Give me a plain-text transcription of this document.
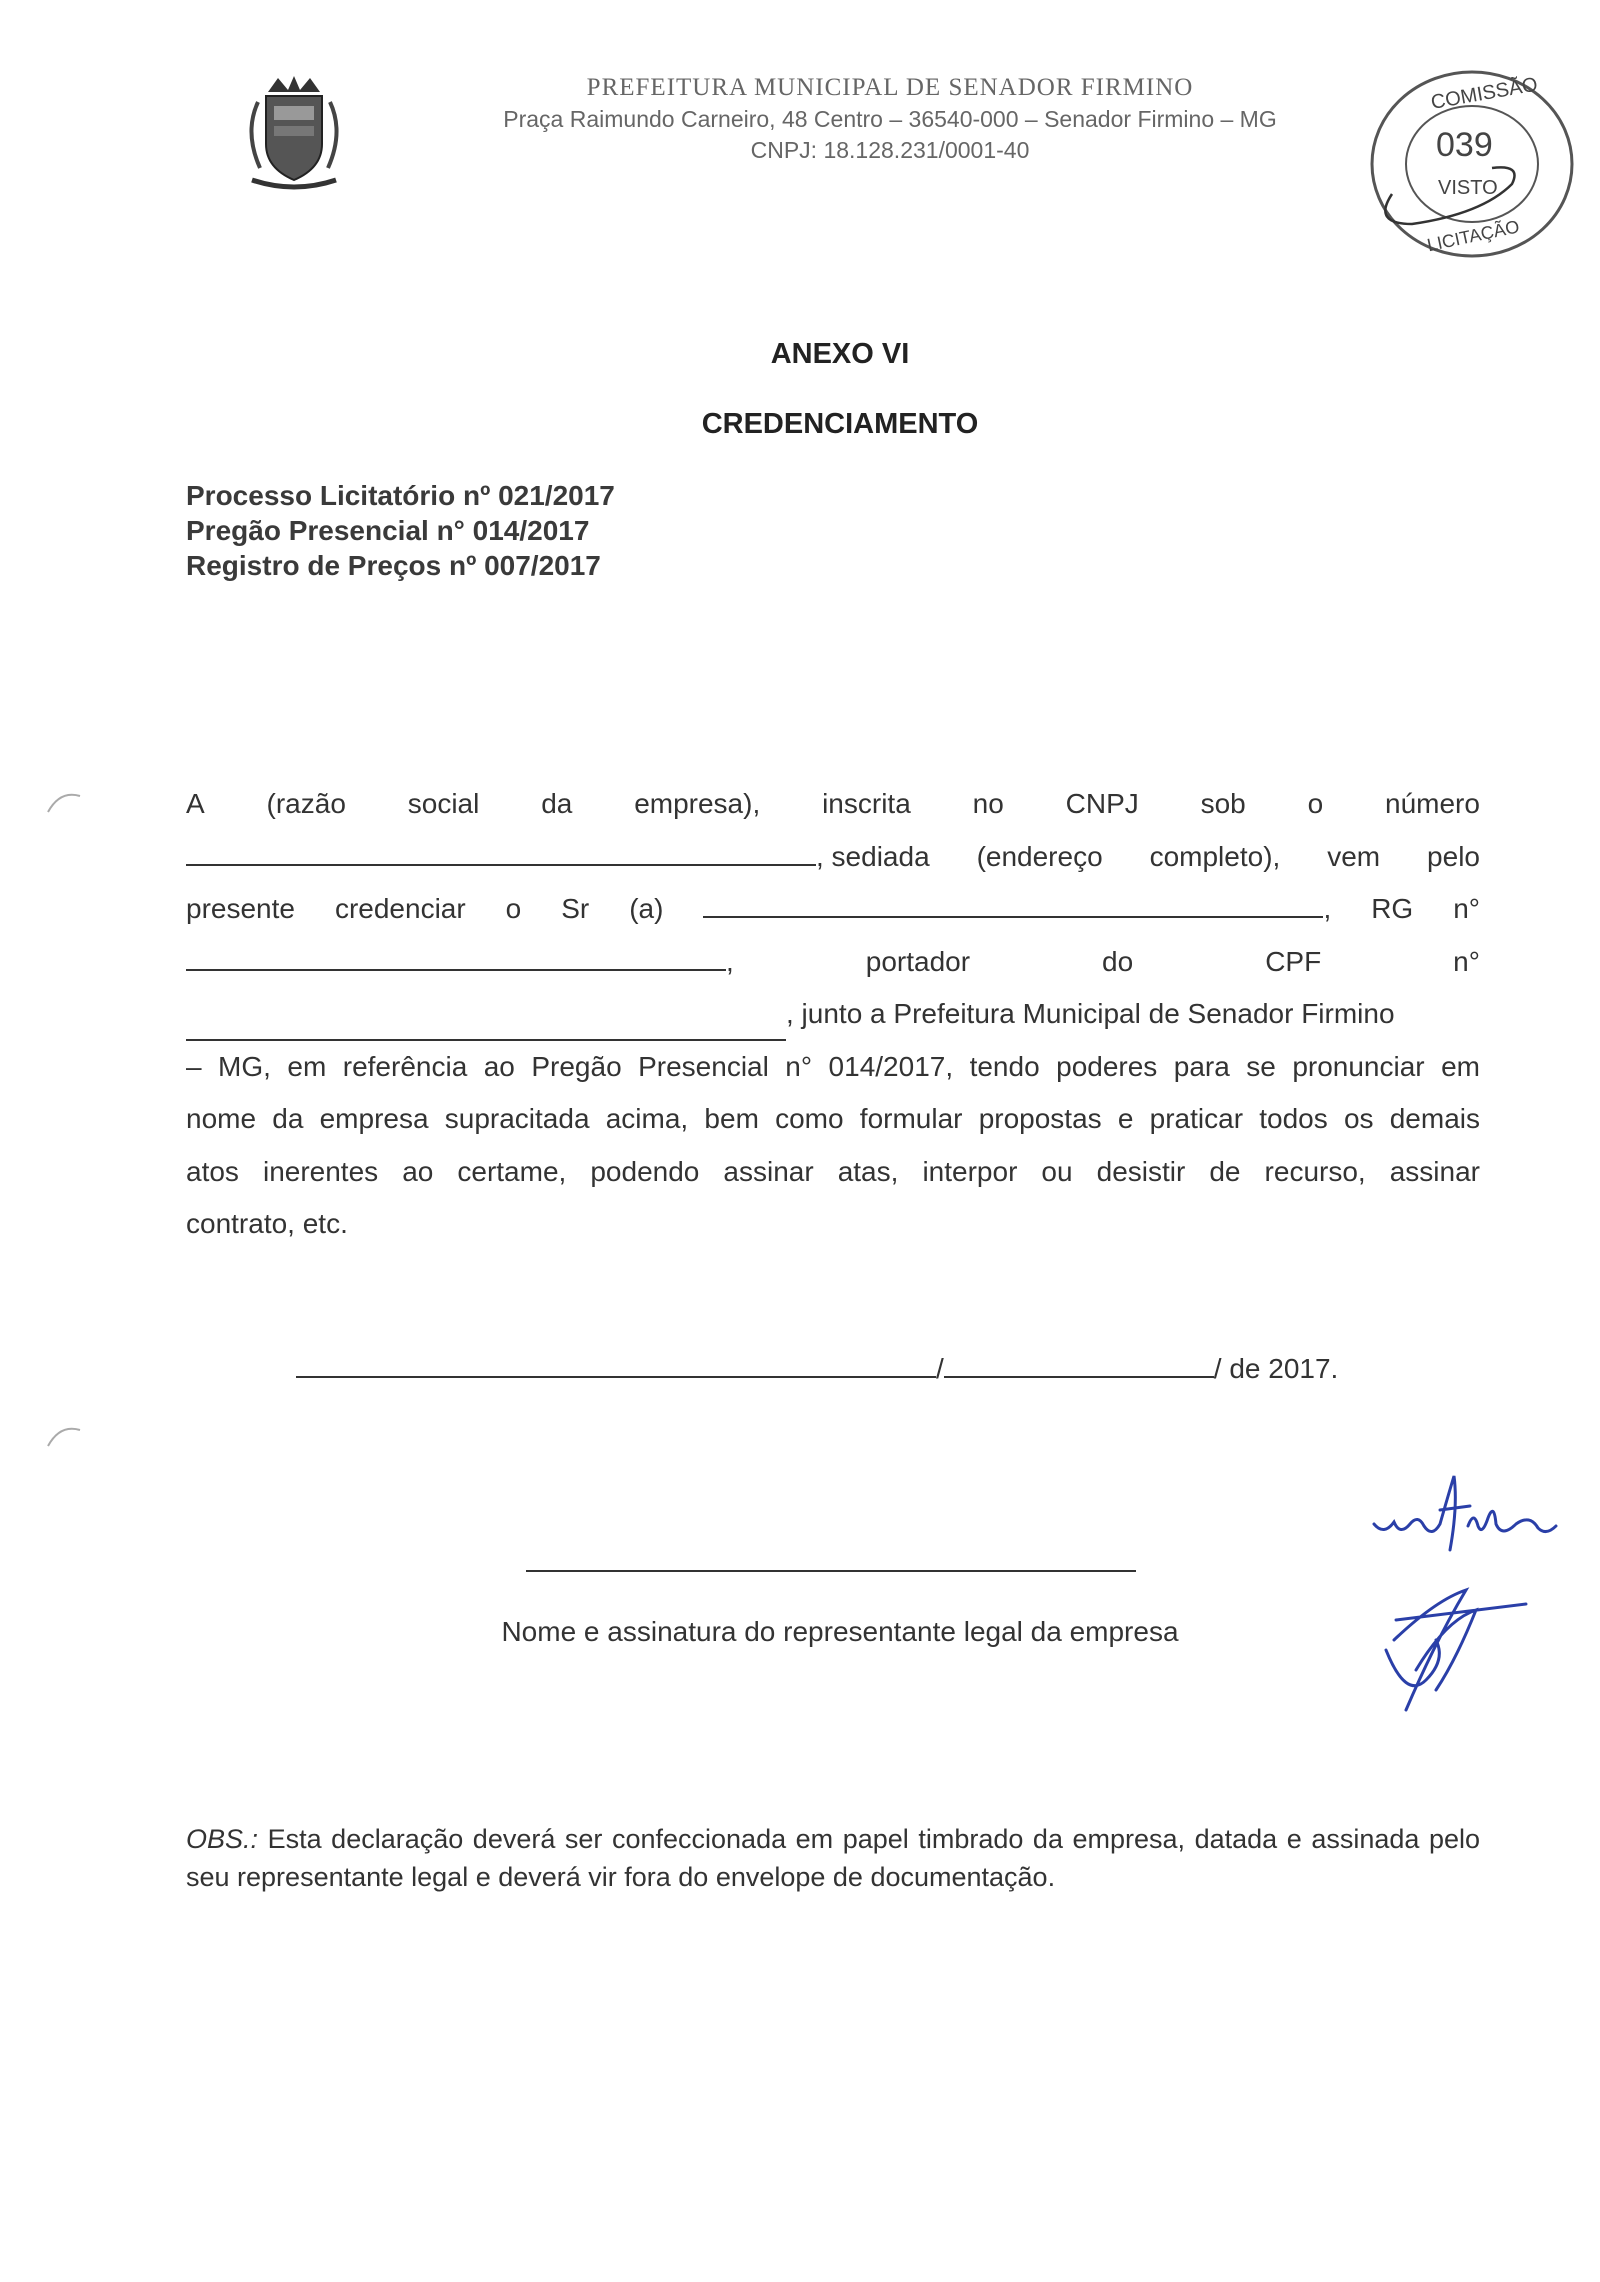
PREFEITURA MUNICIPAL DE SENADOR FIRMINO
Praça Raimundo Carneiro, 48 Centro – 36540-000 – Senador Firmino – MG
CNPJ: 18.128.231/0001-40
COMISSÃO
039
VISTO
LICITAÇÃO
ANEXO VI
CREDENCIAMENTO
Processo Licitatório nº 021/2017
Pregão Presencial n° 014/2017
Registro de Preços nº 007/2017
A (razão social da empresa), inscrita no CNPJ sob o número
, sediada (endereço completo), vem pelo
presente credenciar o Sr (a)	, RG n°
,	portador	do	CPF	n°
, junto a Prefeitura Municipal de Senador Firmino
– MG, em referência ao Pregão Presencial n° 014/2017, tendo poderes para se pronunciar em
nome da empresa supracitada acima, bem como formular propostas e praticar todos os demais
atos inerentes ao certame, podendo assinar atas, interpor ou desistir de recurso, assinar
contrato, etc.
/	/ de 2017.
Nome e assinatura do representante legal da empresa
OBS.: Esta declaração deverá ser confeccionada em papel timbrado da empresa, datada e assinada pelo seu representante legal e deverá vir fora do envelope de documentação.
